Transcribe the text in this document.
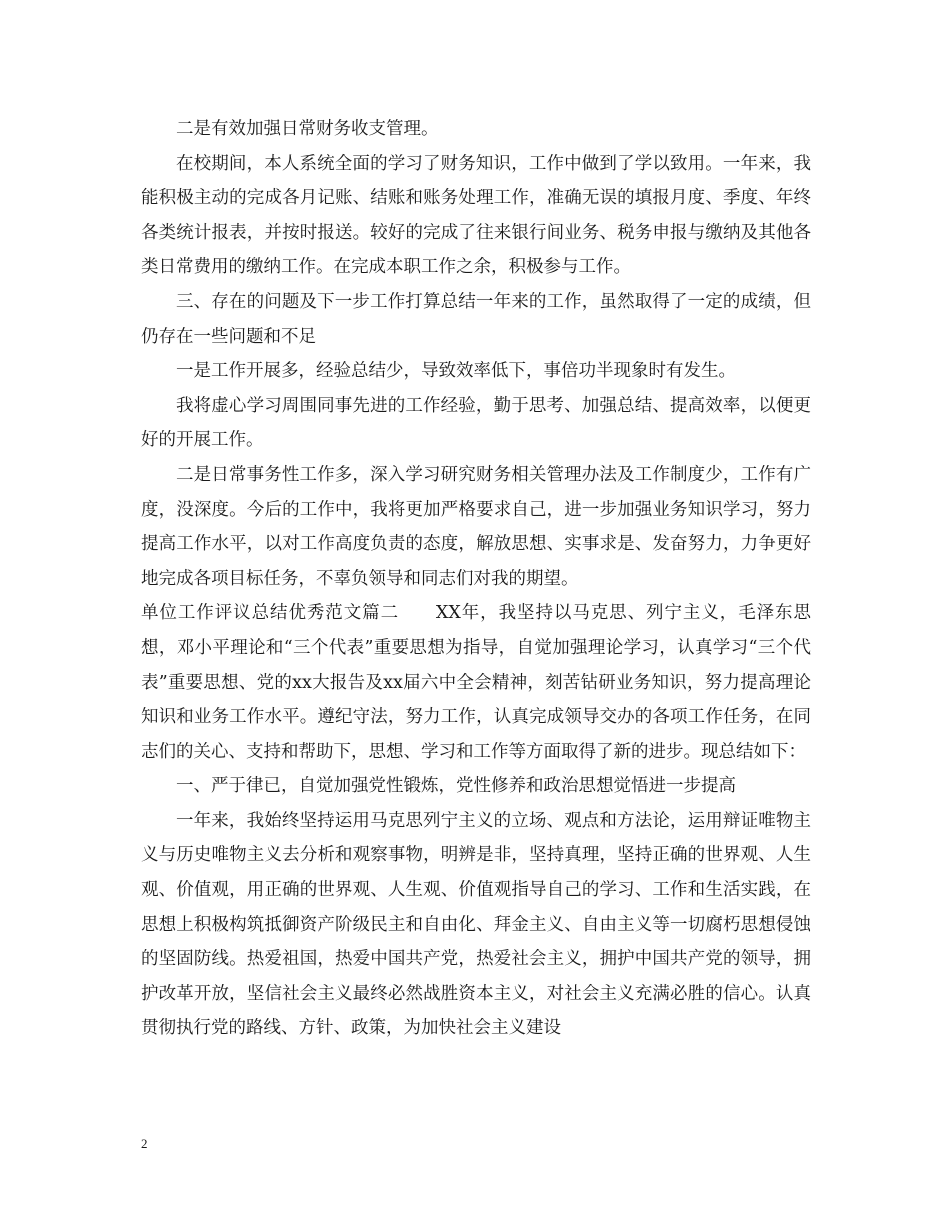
二是有效加强日常财务收支管理。

在校期间，本人系统全面的学习了财务知识，工作中做到了学以致用。一年来，我能积极主动的完成各月记账、结账和账务处理工作，准确无误的填报月度、季度、年终各类统计报表，并按时报送。较好的完成了往来银行间业务、税务申报与缴纳及其他各类日常费用的缴纳工作。在完成本职工作之余，积极参与工作。

三、存在的问题及下一步工作打算总结一年来的工作，虽然取得了一定的成绩，但仍存在一些问题和不足

一是工作开展多，经验总结少，导致效率低下，事倍功半现象时有发生。

我将虚心学习周围同事先进的工作经验，勤于思考、加强总结、提高效率，以便更好的开展工作。

二是日常事务性工作多，深入学习研究财务相关管理办法及工作制度少，工作有广度，没深度。今后的工作中，我将更加严格要求自己，进一步加强业务知识学习，努力提高工作水平，以对工作高度负责的态度，解放思想、实事求是、发奋努力，力争更好地完成各项目标任务，不辜负领导和同志们对我的期望。

单位工作评议总结优秀范文篇二　　XX年，我坚持以马克思、列宁主义，毛泽东思想，邓小平理论和“三个代表”重要思想为指导，自觉加强理论学习，认真学习“三个代表”重要思想、党的xx大报告及xx届六中全会精神，刻苦钻研业务知识，努力提高理论知识和业务工作水平。遵纪守法，努力工作，认真完成领导交办的各项工作任务，在同志们的关心、支持和帮助下，思想、学习和工作等方面取得了新的进步。现总结如下：

一、严于律已，自觉加强党性锻炼，党性修养和政治思想觉悟进一步提高

一年来，我始终坚持运用马克思列宁主义的立场、观点和方法论，运用辩证唯物主义与历史唯物主义去分析和观察事物，明辨是非，坚持真理，坚持正确的世界观、人生观、价值观，用正确的世界观、人生观、价值观指导自己的学习、工作和生活实践，在思想上积极构筑抵御资产阶级民主和自由化、拜金主义、自由主义等一切腐朽思想侵蚀的坚固防线。热爱祖国，热爱中国共产党，热爱社会主义，拥护中国共产党的领导，拥护改革开放，坚信社会主义最终必然战胜资本主义，对社会主义充满必胜的信心。认真贯彻执行党的路线、方针、政策，为加快社会主义建设

2
